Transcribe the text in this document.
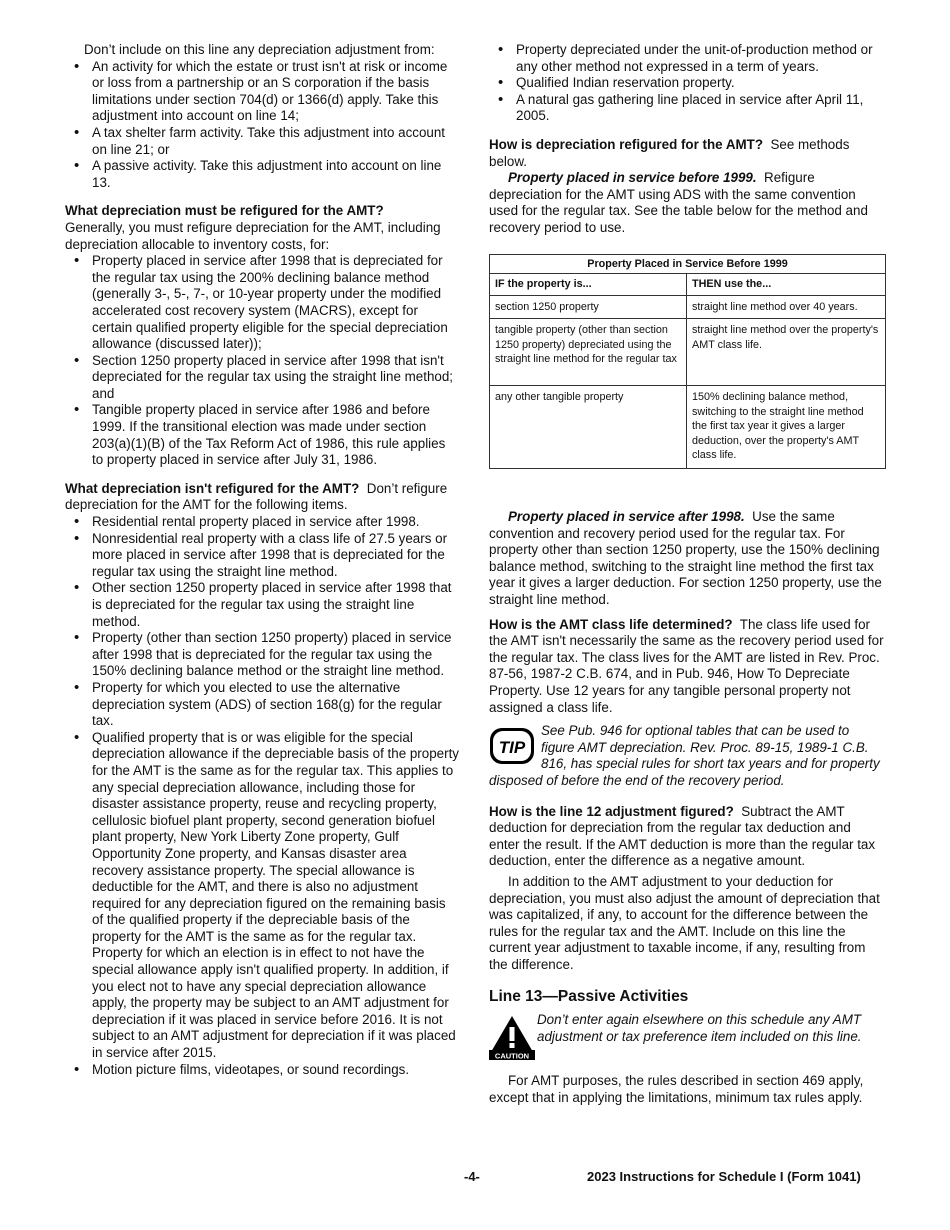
Don’t include on this line any depreciation adjustment from:

• An activity for which the estate or trust isn't at risk or income or loss from a partnership or an S corporation if the basis limitations under section 704(d) or 1366(d) apply. Take this adjustment into account on line 14;
• A tax shelter farm activity. Take this adjustment into account on line 21; or
• A passive activity. Take this adjustment into account on line 13.

What depreciation must be refigured for the AMT?
Generally, you must refigure depreciation for the AMT, including depreciation allocable to inventory costs, for:

• Property placed in service after 1998 that is depreciated for the regular tax using the 200% declining balance method (generally 3-, 5-, 7-, or 10-year property under the modified accelerated cost recovery system (MACRS), except for certain qualified property eligible for the special depreciation allowance (discussed later));
• Section 1250 property placed in service after 1998 that isn't depreciated for the regular tax using the straight line method; and
• Tangible property placed in service after 1986 and before 1999. If the transitional election was made under section 203(a)(1)(B) of the Tax Reform Act of 1986, this rule applies to property placed in service after July 31, 1986.

What depreciation isn't refigured for the AMT? Don’t refigure depreciation for the AMT for the following items.

• Residential rental property placed in service after 1998.
• Nonresidential real property with a class life of 27.5 years or more placed in service after 1998 that is depreciated for the regular tax using the straight line method.
• Other section 1250 property placed in service after 1998 that is depreciated for the regular tax using the straight line method.
• Property (other than section 1250 property) placed in service after 1998 that is depreciated for the regular tax using the 150% declining balance method or the straight line method.
• Property for which you elected to use the alternative depreciation system (ADS) of section 168(g) for the regular tax.
• Qualified property that is or was eligible for the special depreciation allowance if the depreciable basis of the property for the AMT is the same as for the regular tax. This applies to any special depreciation allowance, including those for disaster assistance property, reuse and recycling property, cellulosic biofuel plant property, second generation biofuel plant property, New York Liberty Zone property, Gulf Opportunity Zone property, and Kansas disaster area recovery assistance property. The special allowance is deductible for the AMT, and there is also no adjustment required for any depreciation figured on the remaining basis of the qualified property if the depreciable basis of the property for the AMT is the same as for the regular tax. Property for which an election is in effect to not have the special allowance apply isn't qualified property. In addition, if you elect not to have any special depreciation allowance apply, the property may be subject to an AMT adjustment for depreciation if it was placed in service before 2016. It is not subject to an AMT adjustment for depreciation if it was placed in service after 2015.
• Motion picture films, videotapes, or sound recordings.
• Property depreciated under the unit-of-production method or any other method not expressed in a term of years.
• Qualified Indian reservation property.
• A natural gas gathering line placed in service after April 11, 2005.

How is depreciation refigured for the AMT? See methods below.

Property placed in service before 1999. Refigure depreciation for the AMT using ADS with the same convention used for the regular tax. See the table below for the method and recovery period to use.

Property Placed in Service Before 1999	
IF the property is...	THEN use the...
section 1250 property	straight line method over 40 years.
tangible property (other than section 1250 property) depreciated using the straight line method for the regular tax	straight line method over the property's AMT class life.
any other tangible property	150% declining balance method, switching to the straight line method the first tax year it gives a larger deduction, over the property's AMT class life.

Property placed in service after 1998. Use the same convention and recovery period used for the regular tax. For property other than section 1250 property, use the 150% declining balance method, switching to the straight line method the first tax year it gives a larger deduction. For section 1250 property, use the straight line method.

How is the AMT class life determined? The class life used for the AMT isn't necessarily the same as the recovery period used for the regular tax. The class lives for the AMT are listed in Rev. Proc. 87-56, 1987-2 C.B. 674, and in Pub. 946, How To Depreciate Property. Use 12 years for any tangible personal property not assigned a class life.

TIP
See Pub. 946 for optional tables that can be used to figure AMT depreciation. Rev. Proc. 89-15, 1989-1 C.B. 816, has special rules for short tax years and for property disposed of before the end of the recovery period.

How is the line 12 adjustment figured? Subtract the AMT deduction for depreciation from the regular tax deduction and enter the result. If the AMT deduction is more than the regular tax deduction, enter the difference as a negative amount.

In addition to the AMT adjustment to your deduction for depreciation, you must also adjust the amount of depreciation that was capitalized, if any, to account for the difference between the rules for the regular tax and the AMT. Include on this line the current year adjustment to taxable income, if any, resulting from the difference.

Line 13—Passive Activities
CAUTION
Don’t enter again elsewhere on this schedule any AMT adjustment or tax preference item included on this line.

For AMT purposes, the rules described in section 469 apply, except that in applying the limitations, minimum tax rules apply.

-4-	2023 Instructions for Schedule I (Form 1041)
